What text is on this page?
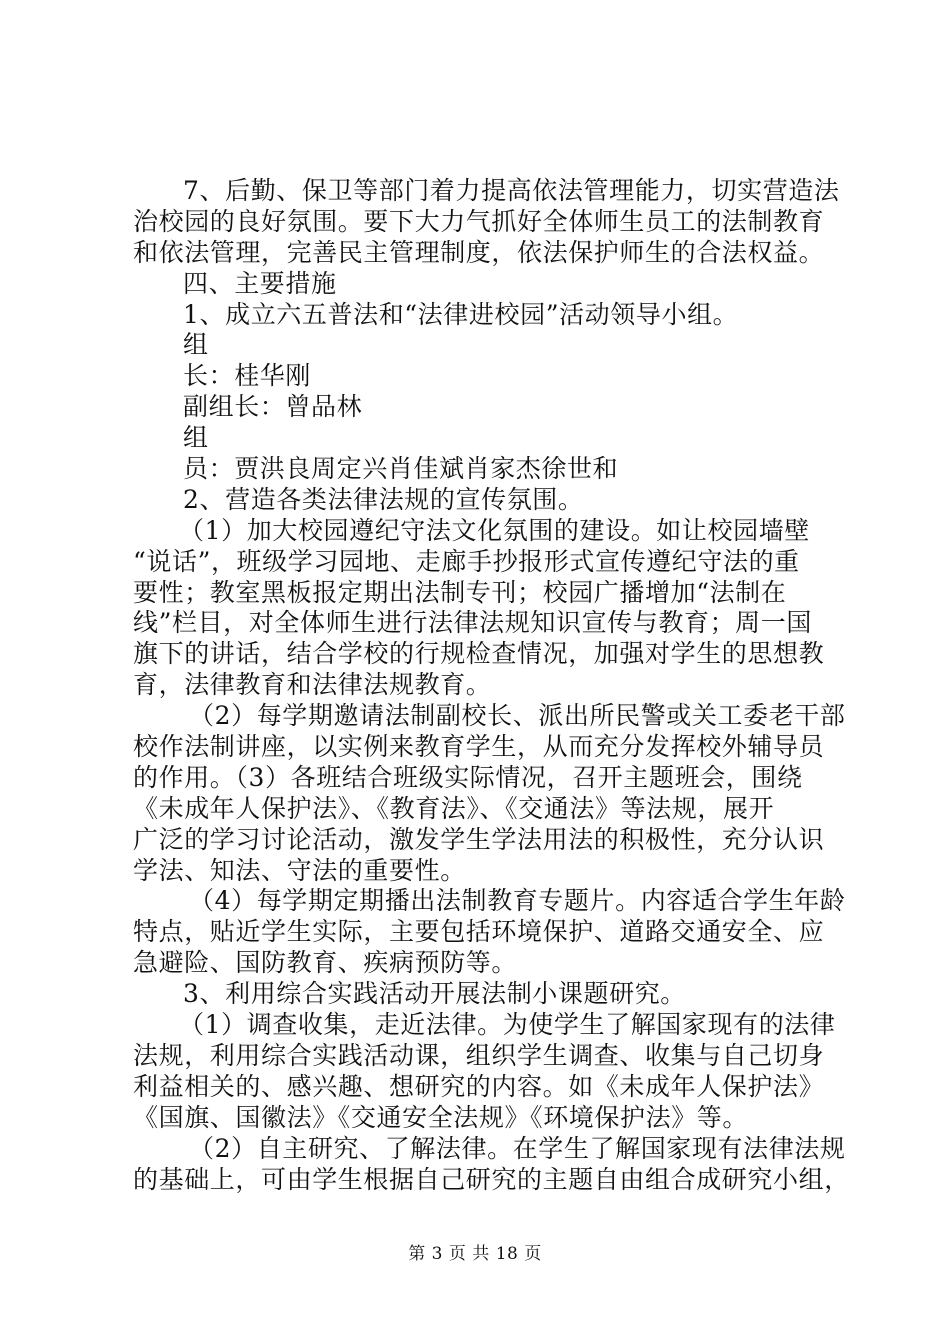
7、后勤、保卫等部门着力提高依法管理能力，切实营造法
治校园的良好氛围。要下大力气抓好全体师生员工的法制教育
和依法管理，完善民主管理制度，依法保护师生的合法权益。
四、主要措施
1、成立六五普法和“法律进校园”活动领导小组。
组
长：桂华刚
副组长：曾品林
组
员：贾洪良周定兴肖佳斌肖家杰徐世和
2、营造各类法律法规的宣传氛围。
（1）加大校园遵纪守法文化氛围的建设。如让校园墙壁
“说话”，班级学习园地、走廊手抄报形式宣传遵纪守法的重
要性；教室黑板报定期出法制专刊；校园广播增加“法制在
线”栏目，对全体师生进行法律法规知识宣传与教育；周一国
旗下的讲话，结合学校的行规检查情况，加强对学生的思想教
育，法律教育和法律法规教育。
（2）每学期邀请法制副校长、派出所民警或关工委老干部
校作法制讲座，以实例来教育学生，从而充分发挥校外辅导员
的作用。（3）各班结合班级实际情况，召开主题班会，围绕
《未成年人保护法》、《教育法》、《交通法》等法规，展开
广泛的学习讨论活动，激发学生学法用法的积极性，充分认识
学法、知法、守法的重要性。
（4）每学期定期播出法制教育专题片。内容适合学生年龄
特点，贴近学生实际，主要包括环境保护、道路交通安全、应
急避险、国防教育、疾病预防等。
3、利用综合实践活动开展法制小课题研究。
（1）调查收集，走近法律。为使学生了解国家现有的法律
法规，利用综合实践活动课，组织学生调查、收集与自己切身
利益相关的、感兴趣、想研究的内容。如《未成年人保护法》
《国旗、国徽法》《交通安全法规》《环境保护法》等。
（2）自主研究、了解法律。在学生了解国家现有法律法规
的基础上，可由学生根据自己研究的主题自由组合成研究小组，
第 3 页 共 18 页
